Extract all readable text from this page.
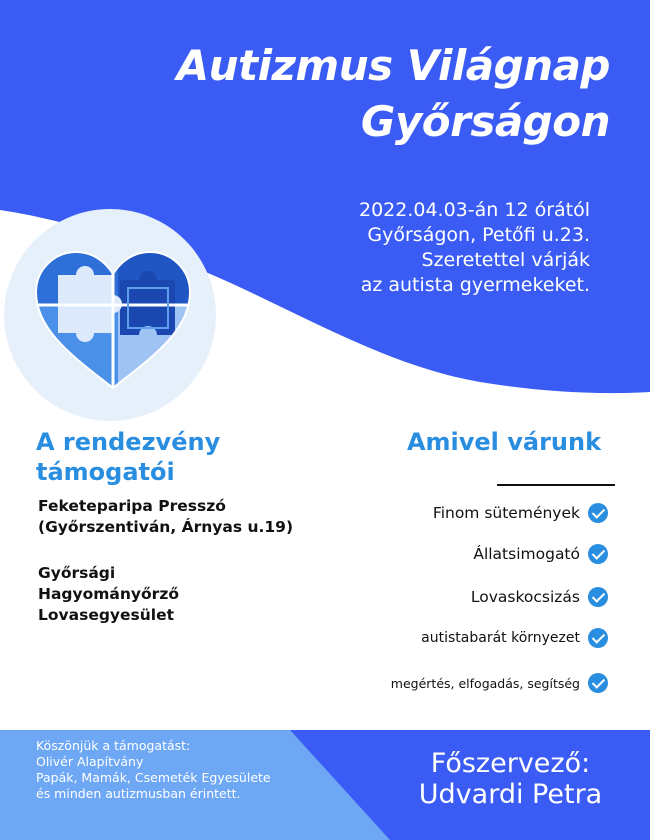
Autizmus Világnap
Győrságon
2022.04.03-án 12 órától
Győrságon, Petőfi u.23.
Szeretettel várják
az autista gyermekeket.
A rendezvény támogatói
Feketeparipa Presszó
(Győrszentiván, Árnyas u.19)
Győrsági
Hagyományőrző
Lovasegyesület
Amivel várunk
Finom sütemények
Állatsimogató
Lovaskocsizás
autistabarát környezet
megértés, elfogadás, segítség
Köszönjük a támogatást:
Olivér Alapítvány
Papák, Mamák, Csemeték Egyesülete
és minden autizmusban érintett.
Főszervező:
Udvardi Petra
